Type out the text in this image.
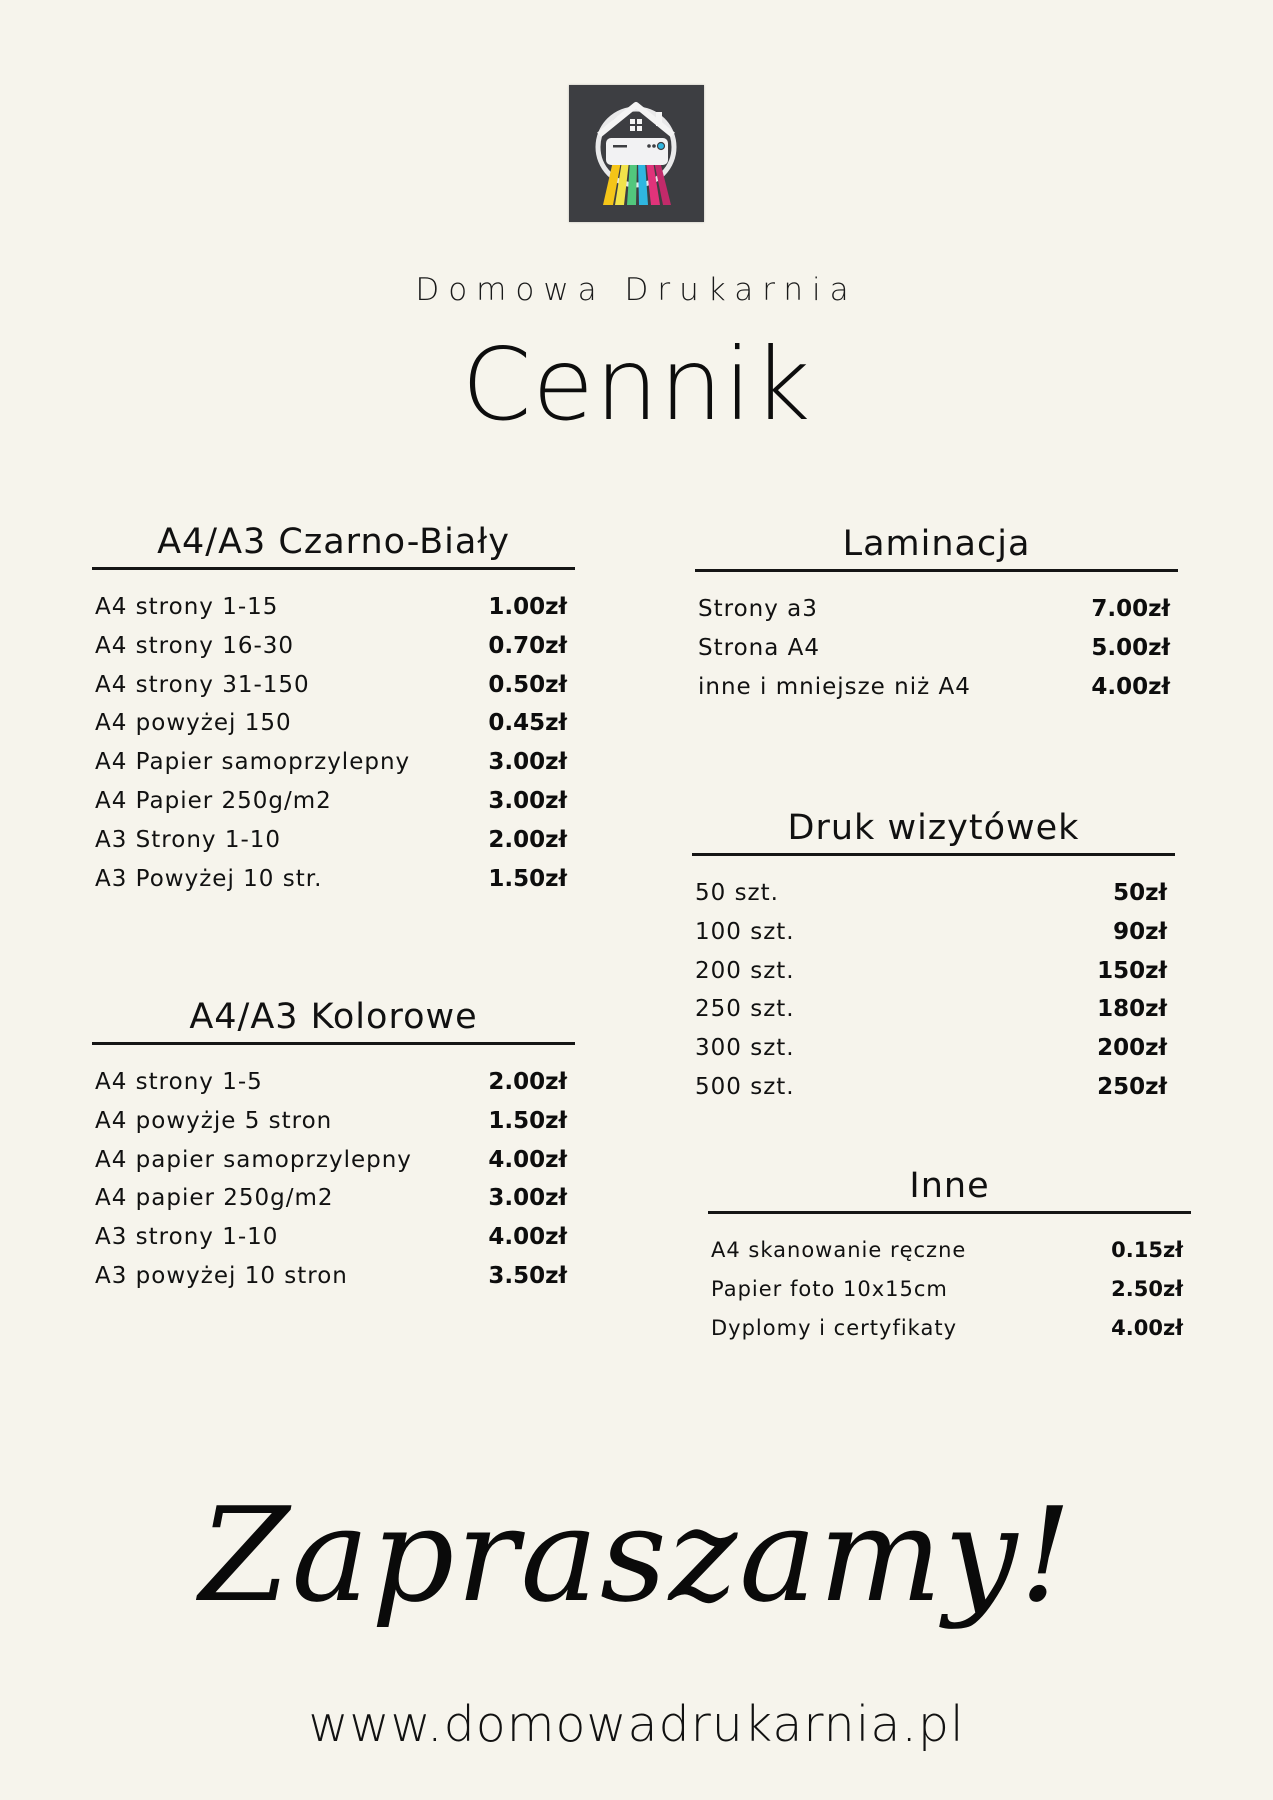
Domowa Drukarnia
Cennik
A4/A3 Czarno-Biały
A4 strony 1-15	1.00zł
A4 strony 16-30	0.70zł
A4 strony 31-150	0.50zł
A4 powyżej 150	0.45zł
A4 Papier samoprzylepny	3.00zł
A4 Papier 250g/m2	3.00zł
A3 Strony 1-10	2.00zł
A3 Powyżej 10 str.	1.50zł
A4/A3 Kolorowe
A4 strony 1-5	2.00zł
A4 powyżje 5 stron	1.50zł
A4 papier samoprzylepny	4.00zł
A4 papier 250g/m2	3.00zł
A3 strony 1-10	4.00zł
A3 powyżej 10 stron	3.50zł
Laminacja
Strony a3	7.00zł
Strona A4	5.00zł
inne i mniejsze niż A4	4.00zł
Druk wizytówek
50 szt.	50zł
100 szt.	90zł
200 szt.	150zł
250 szt.	180zł
300 szt.	200zł
500 szt.	250zł
Inne
A4 skanowanie ręczne	0.15zł
Papier foto 10x15cm	2.50zł
Dyplomy i certyfikaty	4.00zł
Zapraszamy!
www.domowadrukarnia.pl
